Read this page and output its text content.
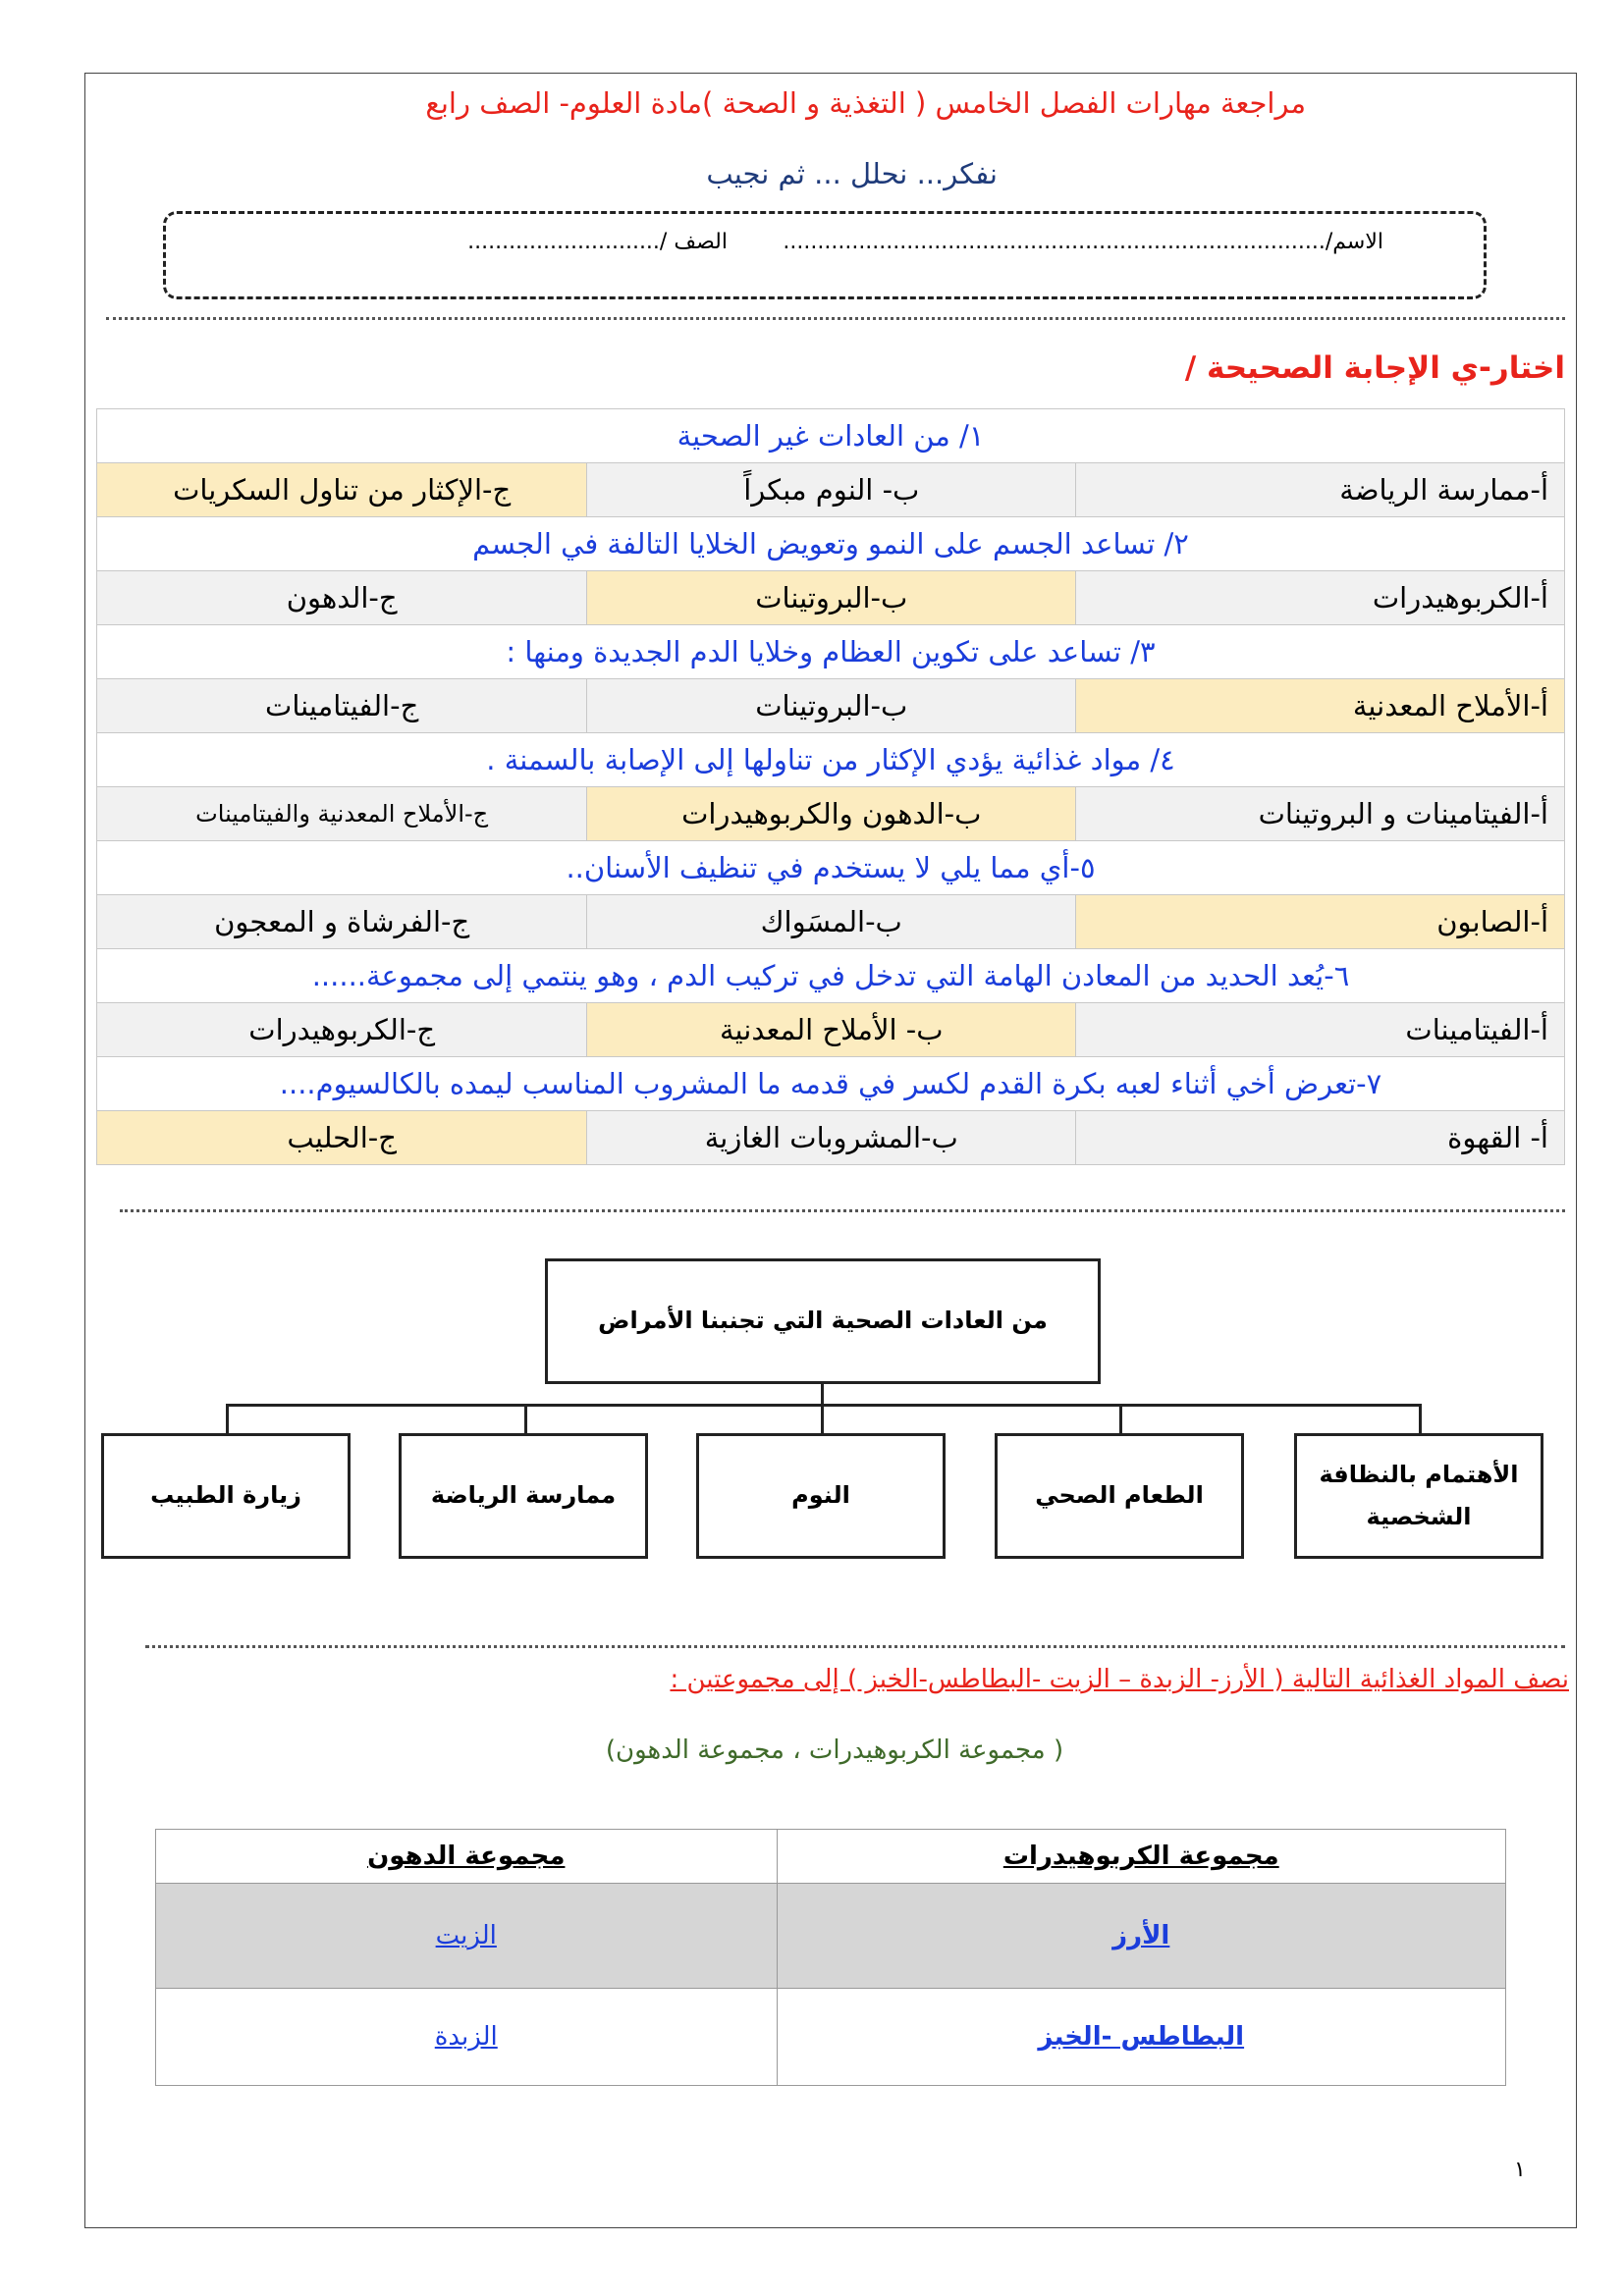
مراجعة مهارات الفصل الخامس ( التغذية و الصحة )مادة العلوم- الصف رابع
نفكر... نحلل ... ثم نجيب
الاسم/...............................................................................
الصف /............................
اختار-ي الإجابة الصحيحة /
١/ من العادات غير الصحية		
أ-ممارسة الرياضة	ب- النوم مبكراً	ج-الإكثار من تناول السكريات
٢/ تساعد الجسم على النمو وتعويض الخلايا التالفة في الجسم		
أ-الكربوهيدرات	ب-البروتينات	ج-الدهون
٣/ تساعد على تكوين العظام وخلايا الدم الجديدة ومنها :		
أ-الأملاح المعدنية	ب-البروتينات	ج-الفيتامينات
٤/ مواد غذائية يؤدي الإكثار من تناولها إلى الإصابة بالسمنة .		
أ-الفيتامينات و البروتينات	ب-الدهون والكربوهيدرات	ج-الأملاح المعدنية والفيتامينات
٥-أي مما يلي لا يستخدم في تنظيف الأسنان..		
أ-الصابون	ب-المسَواك	ج-الفرشاة و المعجون
٦-يُعد الحديد من المعادن الهامة التي تدخل في تركيب الدم ، وهو ينتمي إلى مجموعة......		
أ-الفيتامينات	ب- الأملاح المعدنية	ج-الكربوهيدرات
٧-تعرض أخي أثناء لعبه بكرة القدم لكسر في قدمه ما المشروب المناسب ليمده بالكالسيوم....		
أ- القهوة	ب-المشروبات الغازية	ج-الحليب
من العادات الصحية التي تجنبنا الأمراض
الأهتمام بالنظافة الشخصية
الطعام الصحي
النوم
ممارسة الرياضة
زيارة الطبيب
نصف المواد الغذائية التالية ( الأرز- الزبدة – الزيت -البطاطس-الخبز ) إلى مجموعتين :
( مجموعة الكربوهيدرات ، مجموعة الدهون)
مجموعة الكربوهيدرات	مجموعة الدهون
الأرز	الزيت
البطاطس -الخبز	الزبدة
١
